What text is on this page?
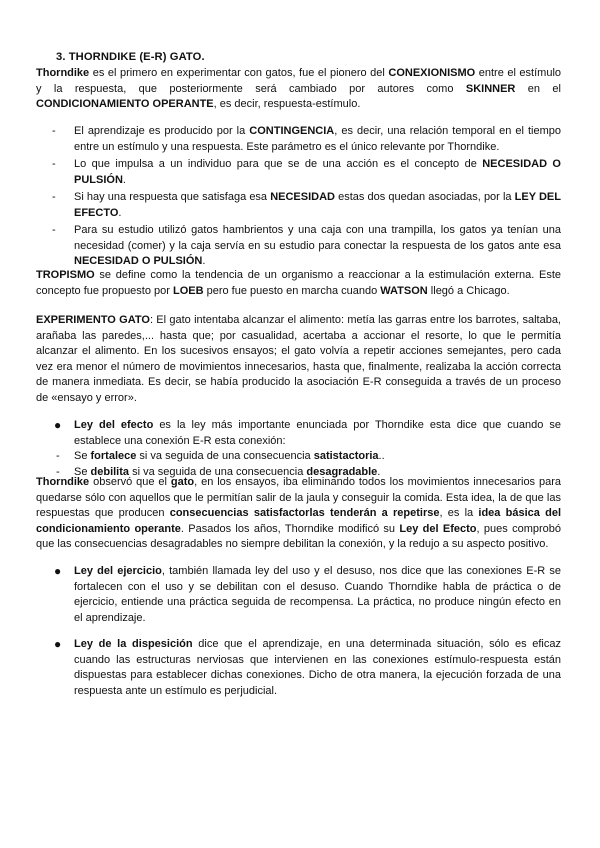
3. THORNDIKE (E-R) GATO.
Thorndike es el primero en experimentar con gatos, fue el pionero del CONEXIONISMO entre el estímulo y la respuesta, que posteriormente será cambiado por autores como SKINNER en el CONDICIONAMIENTO OPERANTE, es decir, respuesta-estímulo.
- El aprendizaje es producido por la CONTINGENCIA, es decir, una relación temporal en el tiempo entre un estímulo y una respuesta. Este parámetro es el único relevante por Thorndike.
- Lo que impulsa a un individuo para que se de una acción es el concepto de NECESIDAD O PULSIÓN.
- Si hay una respuesta que satisfaga esa NECESIDAD estas dos quedan asociadas, por la LEY DEL EFECTO.
- Para su estudio utilizó gatos hambrientos y una caja con una trampilla, los gatos ya tenían una necesidad (comer) y la caja servía en su estudio para conectar la respuesta de los gatos ante esa NECESIDAD O PULSIÓN.
TROPISMO se define como la tendencia de un organismo a reaccionar a la estimulación externa. Este concepto fue propuesto por LOEB pero fue puesto en marcha cuando WATSON llegó a Chicago.
EXPERIMENTO GATO: El gato intentaba alcanzar el alimento: metía las garras entre los barrotes, saltaba, arañaba las paredes,... hasta que; por casualidad, acertaba a accionar el resorte, lo que le permitía alcanzar el alimento. En los sucesivos ensayos; el gato volvía a repetir acciones semejantes, pero cada vez era menor el número de movimientos innecesarios, hasta que, finalmente, realizaba la acción correcta de manera inmediata. Es decir, se había producido la asociación E-R conseguida a través de un proceso de «ensayo y error».
● Ley del efecto es la ley más importante enunciada por Thorndike esta dice que cuando se establece una conexión E-R esta conexión:
- Se fortalece si va seguida de una consecuencia satistactoria..
- Se debilita si va seguida de una consecuencia desagradable.
Thorndike observó que el gato, en los ensayos, iba eliminando todos los movimientos innecesarios para quedarse sólo con aquellos que le permitían salir de la jaula y conseguir la comida. Esta idea, la de que las respuestas que producen consecuencias satisfactorlas tenderán a repetirse, es la idea básica del condicionamiento operante. Pasados los años, Thorndike modificó su Ley del Efecto, pues comprobó que las consecuencias desagradables no siempre debilitan la conexión, y la redujo a su aspecto positivo.
● Ley del ejercicio, también llamada ley del uso y el desuso, nos dice que las conexiones E-R se fortalecen con el uso y se debilitan con el desuso. Cuando Thorndike habla de práctica o de ejercicio, entiende una práctica seguida de recompensa. La práctica, no produce ningún efecto en el aprendizaje.
● Ley de la dispesición dice que el aprendizaje, en una determinada situación, sólo es eficaz cuando las estructuras nerviosas que intervienen en las conexiones estímulo-respuesta están dispuestas para establecer dichas conexiones. Dicho de otra manera, la ejecución forzada de una respuesta ante un estímulo es perjudicial.
